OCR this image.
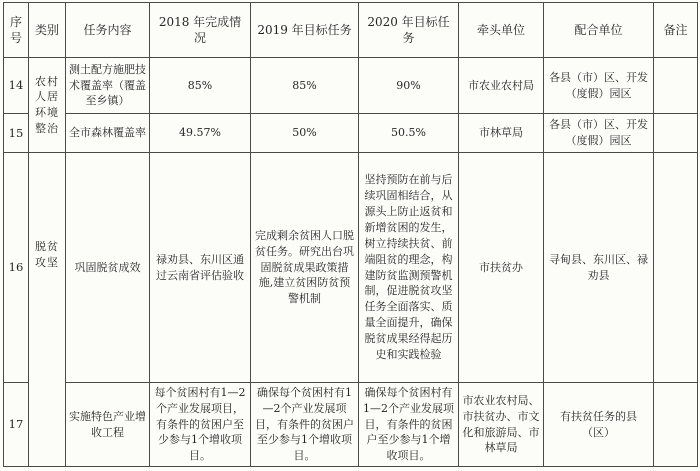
序号	类别	任务内容	2018 年完成情况	2019 年目标任务	2020 年目标任务	牵头单位	配合单位	备注
14	农村人居环境整治	测土配方施肥技术覆盖率（覆盖至乡镇）	85%	85%	90%	市农业农村局	各县（市）区、开发（度假）园区	
15		全市森林覆盖率	49.57%	50%	50.5%	市林草局	各县（市）区、开发（度假）园区	
16	脱贫攻坚	巩固脱贫成效	禄劝县、东川区通过云南省评估验收	完成剩余贫困人口脱贫任务。研究出台巩固脱贫成果政策措施,建立贫困防贫预警机制	坚持预防在前与后续巩固相结合，从源头上防止返贫和新增贫困的发生，树立持续扶贫、前端阻贫的理念，构建防贫监测预警机制，促进脱贫攻坚任务全面落实、质量全面提升，确保脱贫成果经得起历史和实践检验	市扶贫办	寻甸县、东川区、禄劝县	
17		实施特色产业增收工程	每个贫困村有1—2个产业发展项目，有条件的贫困户至少参与1个增收项目。	确保每个贫困村有1—2个产业发展项目，有条件的贫困户至少参与1个增收项目。	确保每个贫困村有1—2个产业发展项目，有条件的贫困户至少参与1个增收项目。	市农业农村局、市扶贫办、市文化和旅游局、市林草局	有扶贫任务的县（区）	
